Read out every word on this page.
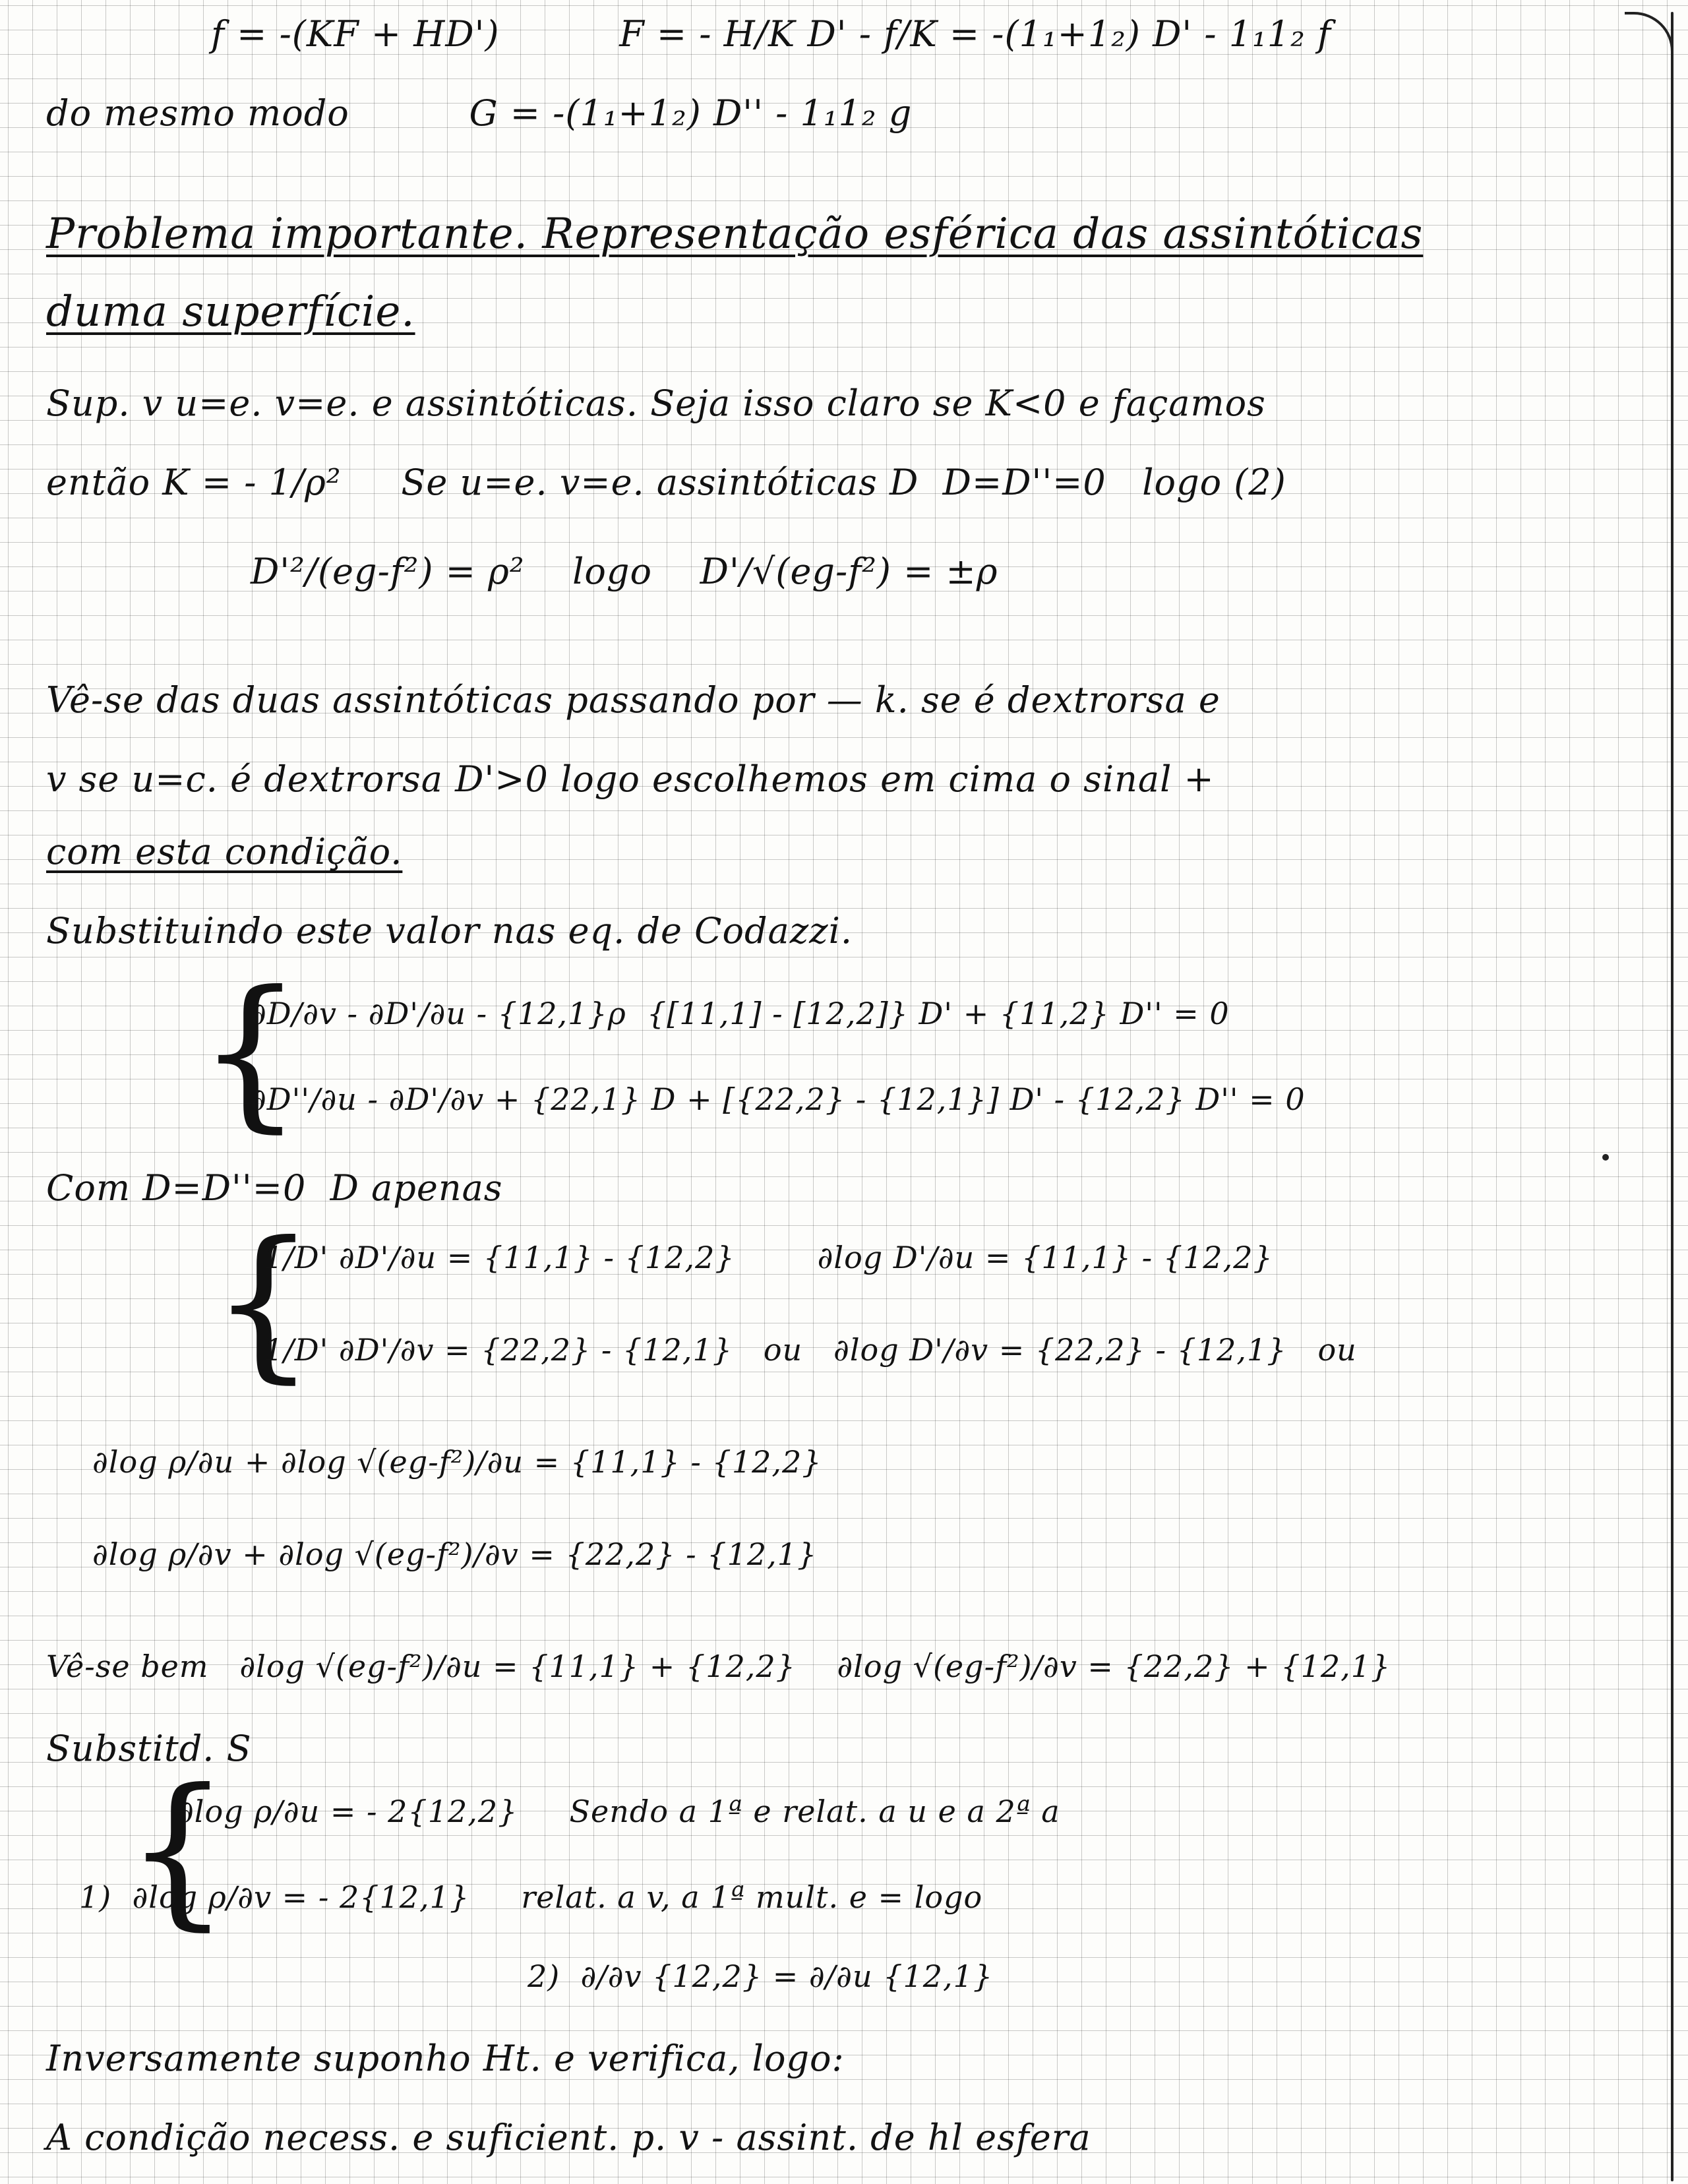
f = -(KF + HD')          F = - H/K D' - f/K = -(1₁+1₂) D' - 1₁1₂ f
do mesmo modo          G = -(1₁+1₂) D'' - 1₁1₂ g
Problema importante. Representação esférica das assintóticas
duma superfície.
Sup. v u=e. v=e. e assintóticas. Seja isso claro se K<0 e façamos
então K = - 1/ρ²     Se u=e. v=e. assintóticas D  D=D''=0   logo (2)
D'²/(eg-f²) = ρ²    logo    D'/√(eg-f²) = ±ρ
Vê-se das duas assintóticas passando por — k. se é dextrorsa e
v se u=c. é dextrorsa D'>0 logo escolhemos em cima o sinal +
com esta condição.
Substituindo este valor nas eq. de Codazzi.
{
∂D/∂v - ∂D'/∂u - {12,1}ρ  {[11,1] - [12,2]} D' + {11,2} D'' = 0
∂D''/∂u - ∂D'/∂v + {22,1} D + [{22,2} - {12,1}] D' - {12,2} D'' = 0
Com D=D''=0  D apenas
{
1/D' ∂D'/∂u = {11,1} - {12,2}        ∂log D'/∂u = {11,1} - {12,2}
1/D' ∂D'/∂v = {22,2} - {12,1}   ou   ∂log D'/∂v = {22,2} - {12,1}   ou
∂log ρ/∂u + ∂log √(eg-f²)/∂u = {11,1} - {12,2}
∂log ρ/∂v + ∂log √(eg-f²)/∂v = {22,2} - {12,1}
Vê-se bem   ∂log √(eg-f²)/∂u = {11,1} + {12,2}    ∂log √(eg-f²)/∂v = {22,2} + {12,1}
Substitd. S
{
∂log ρ/∂u = - 2{12,2}     Sendo a 1ª e relat. a u e a 2ª a
1)  ∂log ρ/∂v = - 2{12,1}     relat. a v, a 1ª mult. e = logo
2)  ∂/∂v {12,2} = ∂/∂u {12,1}
Inversamente suponho Ht. e verifica, logo:
A condição necess. e suficient. p. v - assint. de hl esfera
